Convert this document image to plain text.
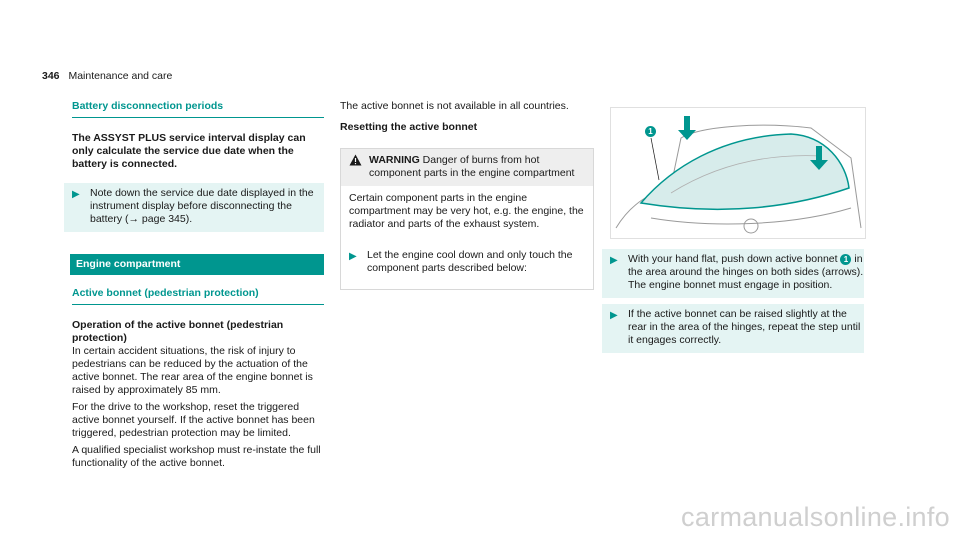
346 Maintenance and care
Battery disconnection periods

The ASSYST PLUS service interval display can only calculate the service due date when the battery is connected.

▶ Note down the service due date displayed in the instrument display before disconnecting the battery (→ page 345).
Engine compartment
Active bonnet (pedestrian protection)

Operation of the active bonnet (pedestrian protection)

In certain accident situations, the risk of injury to pedestrians can be reduced by the actuation of the active bonnet. The rear area of the engine bonnet is raised by approximately 85 mm.

For the drive to the workshop, reset the triggered active bonnet yourself. If the active bonnet has been triggered, pedestrian protection may be limited.

A qualified specialist workshop must re-instate the full functionality of the active bonnet.

The active bonnet is not available in all countries.

Resetting the active bonnet

WARNING Danger of burns from hot component parts in the engine compartment

Certain component parts in the engine compartment may be very hot, e.g. the engine, the radiator and parts of the exhaust system.

▶ Let the engine cool down and only touch the component parts described below:
1
▶ With your hand flat, push down active bonnet 1 in the area around the hinges on both sides (arrows).
The engine bonnet must engage in position.
▶ If the active bonnet can be raised slightly at the rear in the area of the hinges, repeat the step until it engages correctly.
carmanualsonline.info
